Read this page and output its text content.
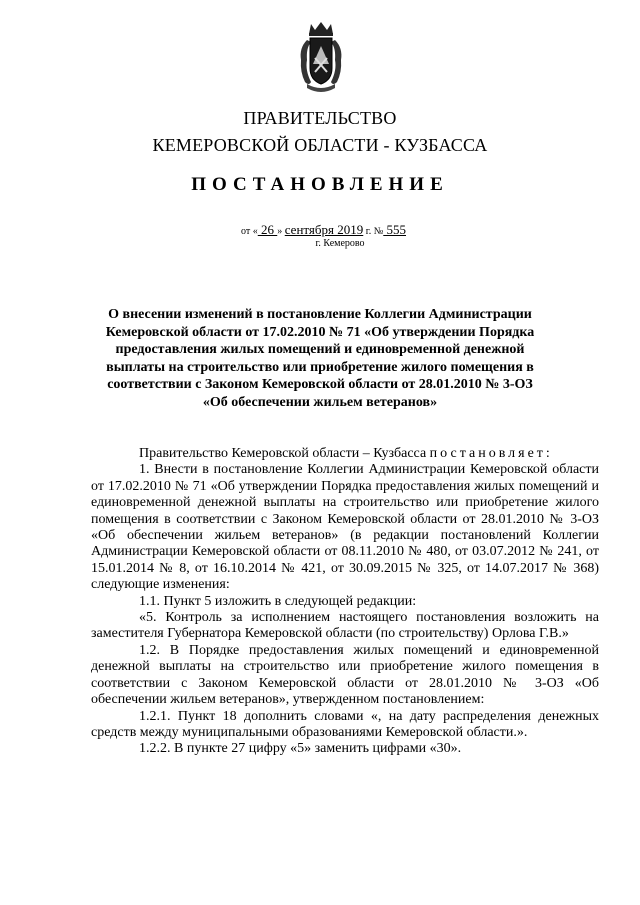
ПРАВИТЕЛЬСТВО
КЕМЕРОВСКОЙ ОБЛАСТИ - КУЗБАССА
ПОСТАНОВЛЕНИЕ
от « 26 » сентября 2019 г. № 555
г. Кемерово
О внесении изменений в постановление Коллегии Администрации
Кемеровской области от 17.02.2010 № 71 «Об утверждении Порядка
предоставления жилых помещений и единовременной денежной
выплаты на строительство или приобретение жилого помещения в
соответствии с Законом Кемеровской области от 28.01.2010 № 3-ОЗ
«Об обеспечении жильем ветеранов»
Правительство Кемеровской области – Кузбасса постановляет:
1. Внести в постановление Коллегии Администрации Кемеровской области от 17.02.2010 № 71 «Об утверждении Порядка предоставления жилых помещений и единовременной денежной выплаты на строительство или приобретение жилого помещения в соответствии с Законом Кемеровской области от 28.01.2010 № 3-ОЗ «Об обеспечении жильем ветеранов» (в редакции постановлений Коллегии Администрации Кемеровской области от 08.11.2010 № 480, от 03.07.2012 № 241, от 15.01.2014 № 8, от 16.10.2014 № 421, от 30.09.2015 № 325, от 14.07.2017 № 368) следующие изменения:
1.1. Пункт 5 изложить в следующей редакции:
«5. Контроль за исполнением настоящего постановления возложить на заместителя Губернатора Кемеровской области (по строительству) Орлова Г.В.»
1.2. В Порядке предоставления жилых помещений и единовременной денежной выплаты на строительство или приобретение жилого помещения в соответствии с Законом Кемеровской области от 28.01.2010 № 3-ОЗ «Об обеспечении жильем ветеранов», утвержденном постановлением:
1.2.1. Пункт 18 дополнить словами «, на дату распределения денежных средств между муниципальными образованиями Кемеровской области.».
1.2.2. В пункте 27 цифру «5» заменить цифрами «30».
